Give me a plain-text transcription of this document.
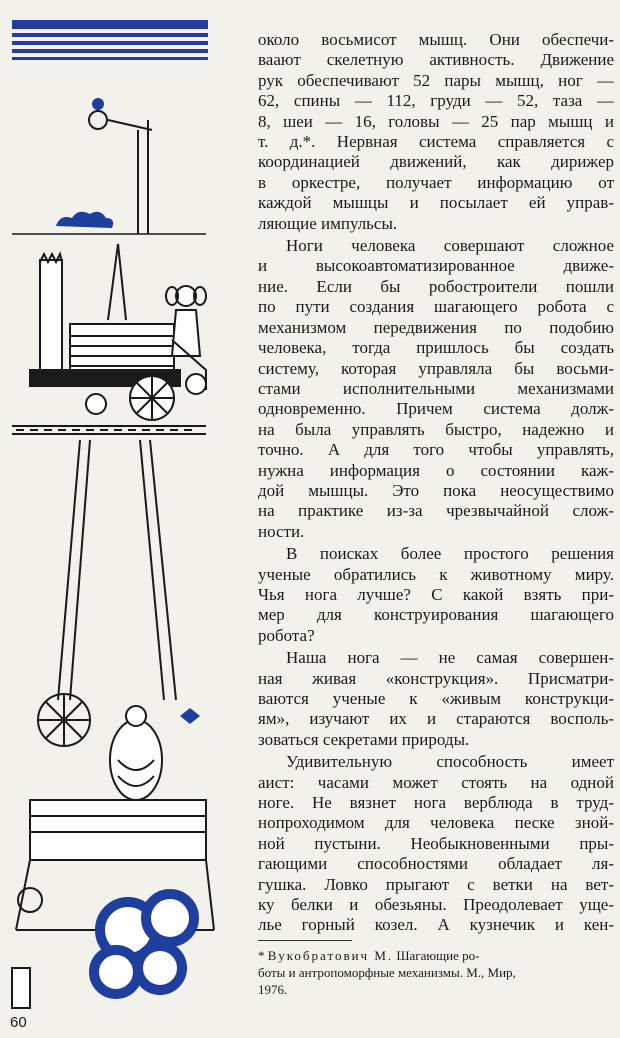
около восьмисот мышц. Они обеспечи-

ваают скелетную активность. Движение

рук обеспечивают 52 пары мышц, ног —

62, спины — 112, груди — 52, таза —

8, шеи — 16, головы — 25 пар мышц и

т. д.*. Нервная система справляется с

координацией движений, как дирижер

в оркестре, получает информацию от

каждой мышцы и посылает ей управ-

ляющие импульсы.

Ноги человека совершают сложное

и высокоавтоматизированное движе-

ние. Если бы робостроители пошли

по пути создания шагающего робота с

механизмом передвижения по подобию

человека, тогда пришлось бы создать

систему, которая управляла бы восьми-

стами исполнительными механизмами

одновременно. Причем система долж-

на была управлять быстро, надежно и

точно. А для того чтобы управлять,

нужна информация о состоянии каж-

дой мышцы. Это пока неосуществимо

на практике из-за чрезвычайной слож-

ности.

В поисках более простого решения

ученые обратились к животному миру.

Чья нога лучше? С какой взять при-

мер для конструирования шагающего

робота?

Наша нога — не самая совершен-

ная живая «конструкция». Присматри-

ваются ученые к «живым конструкци-

ям», изучают их и стараются восполь-

зоваться секретами природы.

Удивительную способность имеет

аист: часами может стоять на одной

ноге. Не вязнет нога верблюда в труд-

нопроходимом для человека песке зной-

ной пустыни. Необыкновенными пры-

гающими способностями обладает ля-

гушка. Ловко прыгают с ветки на вет-

ку белки и обезьяны. Преодолевает ущe-

лье горный козел. А кузнечик и кен-

* Вукобратович М. Шагающие ро-
боты и антропоморфные механизмы. М., Мир,
1976.
60
